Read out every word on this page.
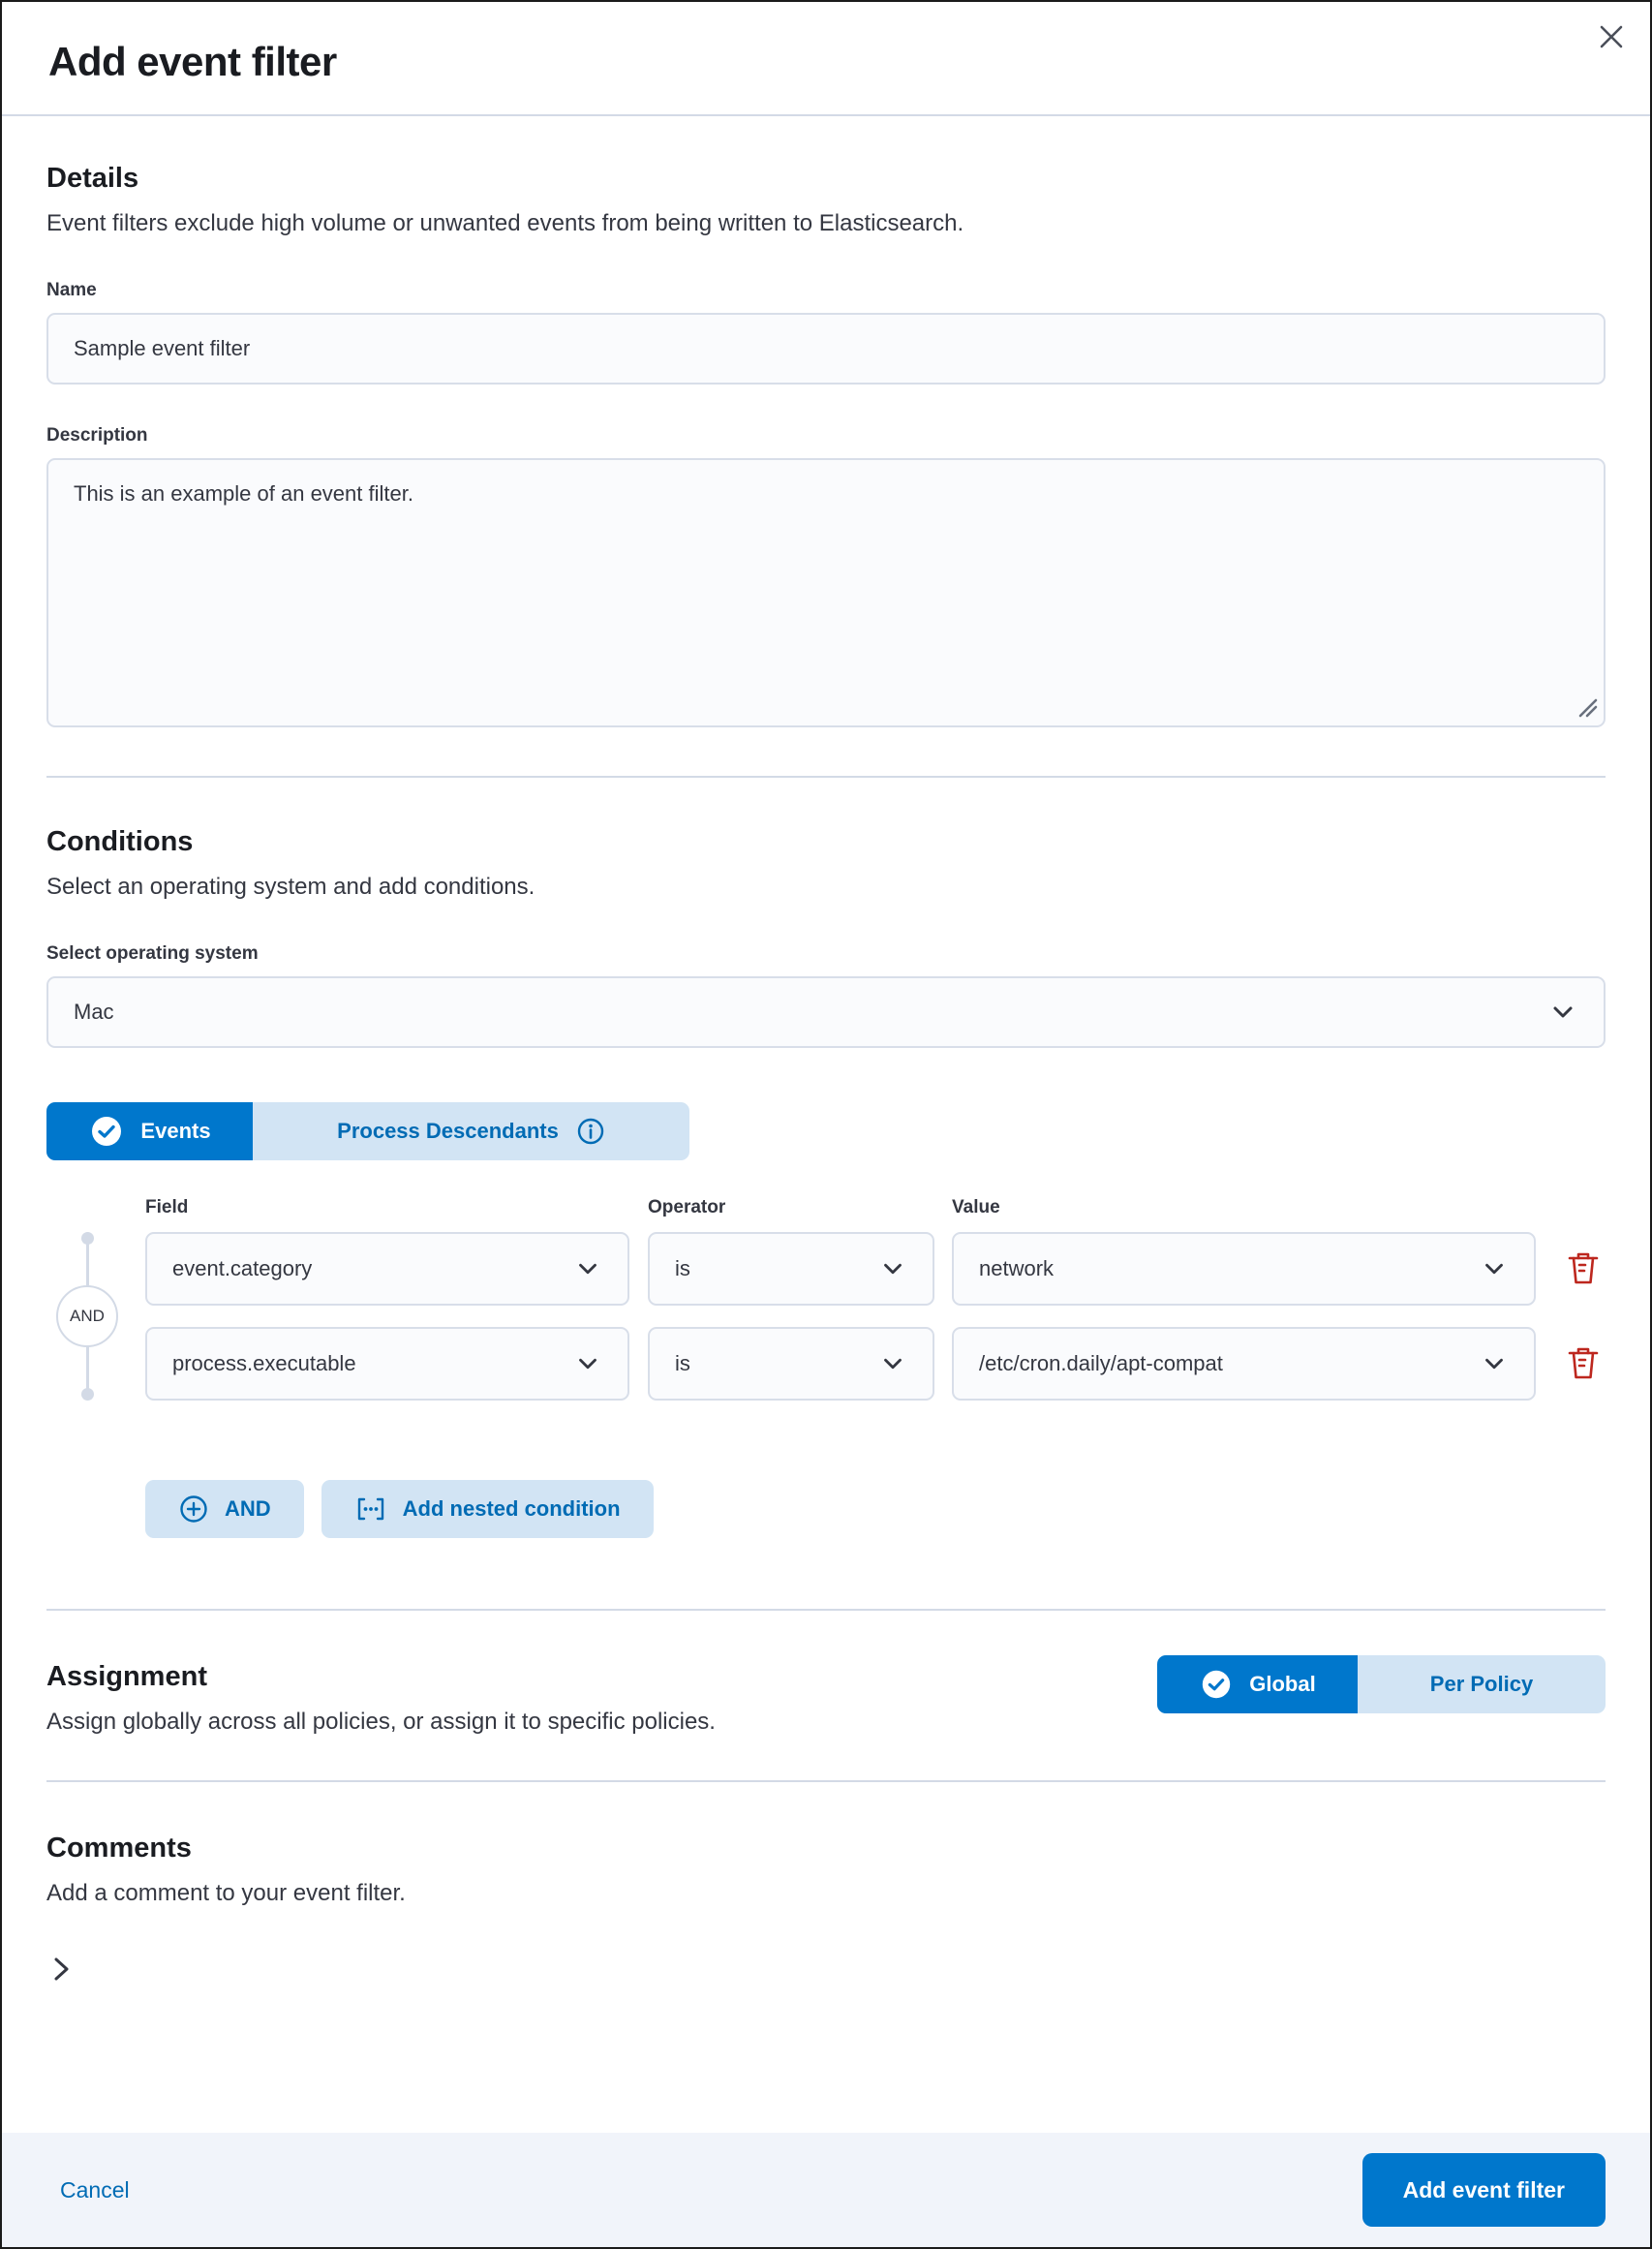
Add event filter
Details

Event filters exclude high volume or unwanted events from being written to Elasticsearch.

Name
Sample event filter
Description
This is an example of an event filter.
Conditions

Select an operating system and add conditions.

Select operating system
Mac
Events	Process Descendants
Field	Operator	Value
AND
event.category	is	network
process.executable	is	/etc/cron.daily/apt-compat
AND	Add nested condition
Assignment

Assign globally across all policies, or assign it to specific policies.

Global	Per Policy
Comments

Add a comment to your event filter.

Cancel	Add event filter
